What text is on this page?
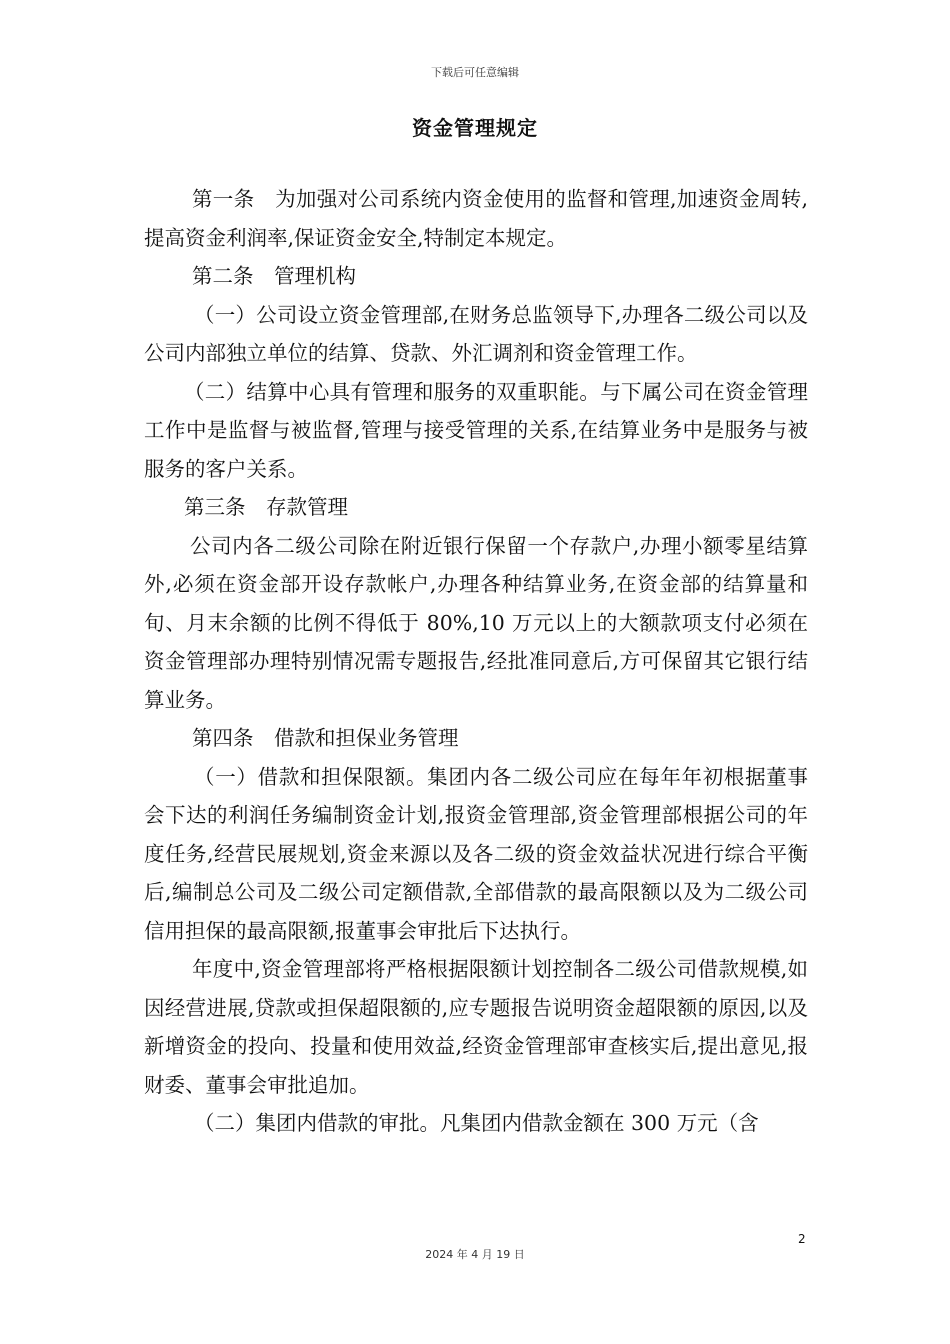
下载后可任意编辑
资金管理规定

第一条　为加强对公司系统内资金使用的监督和管理,加速资金周转,提高资金利润率,保证资金安全,特制定本规定。

第二条　管理机构

（一）公司设立资金管理部,在财务总监领导下,办理各二级公司以及公司内部独立单位的结算、贷款、外汇调剂和资金管理工作。

（二）结算中心具有管理和服务的双重职能。与下属公司在资金管理工作中是监督与被监督,管理与接受管理的关系,在结算业务中是服务与被服务的客户关系。

第三条　存款管理

公司内各二级公司除在附近银行保留一个存款户,办理小额零星结算外,必须在资金部开设存款帐户,办理各种结算业务,在资金部的结算量和旬、月末余额的比例不得低于 80%,10 万元以上的大额款项支付必须在资金管理部办理特别情况需专题报告,经批准同意后,方可保留其它银行结算业务。

第四条　借款和担保业务管理

（一）借款和担保限额。集团内各二级公司应在每年年初根据董事会下达的利润任务编制资金计划,报资金管理部,资金管理部根据公司的年度任务,经营民展规划,资金来源以及各二级的资金效益状况进行综合平衡后,编制总公司及二级公司定额借款,全部借款的最高限额以及为二级公司信用担保的最高限额,报董事会审批后下达执行。

年度中,资金管理部将严格根据限额计划控制各二级公司借款规模,如因经营进展,贷款或担保超限额的,应专题报告说明资金超限额的原因,以及新增资金的投向、投量和使用效益,经资金管理部审查核实后,提出意见,报财委、董事会审批追加。

（二）集团内借款的审批。凡集团内借款金额在 300 万元（含

2
2024 年 4 月 19 日
